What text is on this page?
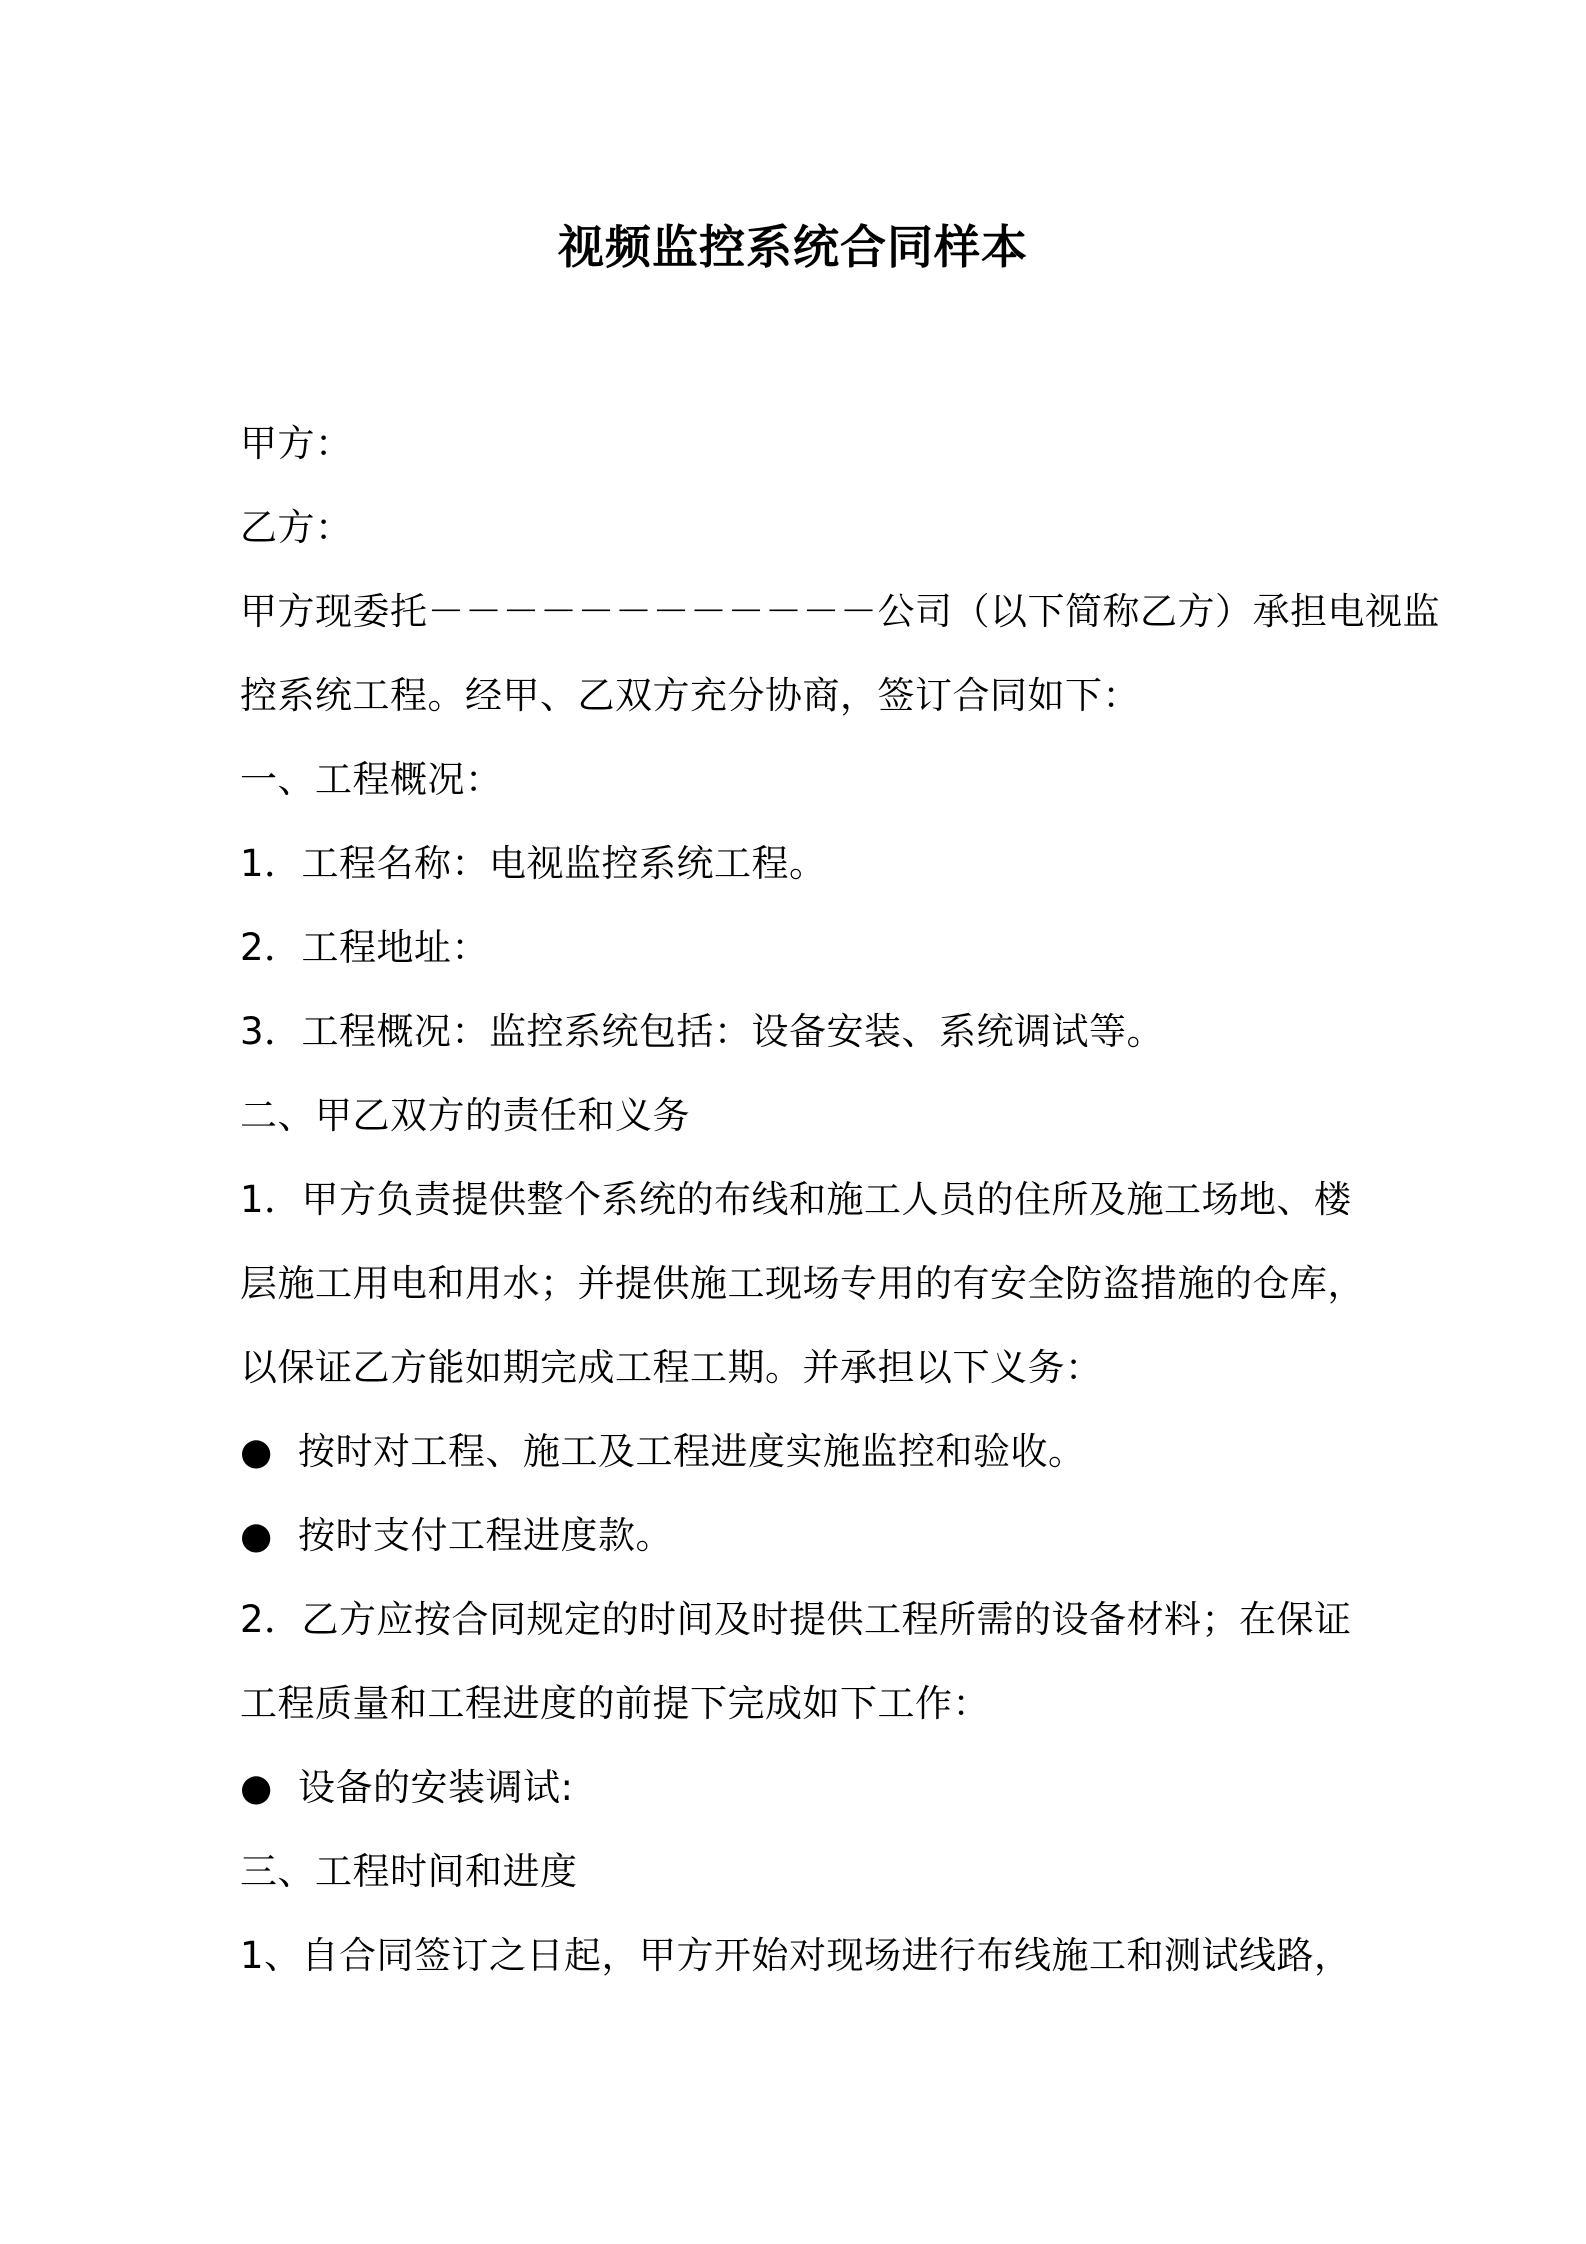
视频监控系统合同样本
甲方：
乙方：
甲方现委托－－－－－－－－－－－－公司（以下简称乙方）承担电视监
控系统工程。经甲、乙双方充分协商，签订合同如下：
一、工程概况：
1．工程名称：电视监控系统工程。
2．工程地址：
3．工程概况：监控系统包括：设备安装、系统调试等。
二、甲乙双方的责任和义务
1．甲方负责提供整个系统的布线和施工人员的住所及施工场地、楼
层施工用电和用水；并提供施工现场专用的有安全防盗措施的仓库，
以保证乙方能如期完成工程工期。并承担以下义务：
● 按时对工程、施工及工程进度实施监控和验收。
● 按时支付工程进度款。
2．乙方应按合同规定的时间及时提供工程所需的设备材料；在保证
工程质量和工程进度的前提下完成如下工作：
● 设备的安装调试:
三、工程时间和进度
1、自合同签订之日起，甲方开始对现场进行布线施工和测试线路，
